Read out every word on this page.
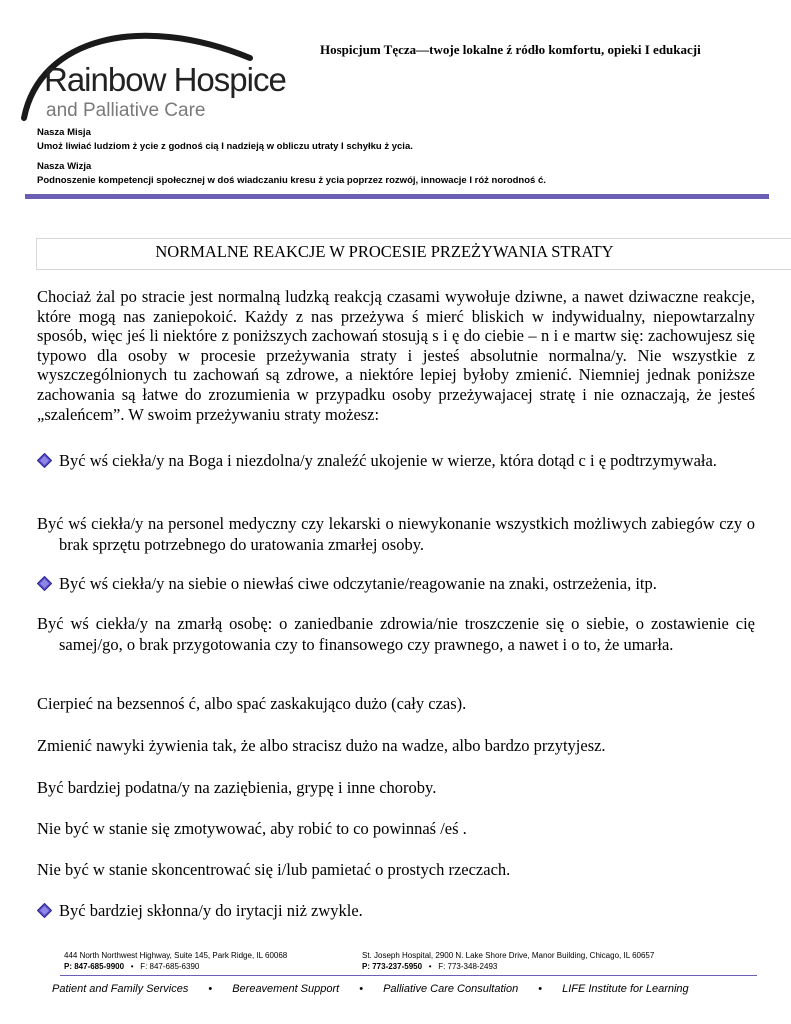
Rainbow Hospice
and Palliative Care
Hospicjum Tęcza—twoje lokalne ź ródło komfortu, opieki I edukacji
Nasza Misja
Umoż liwiać ludziom ż ycie z godnoś cią I nadzieją w obliczu utraty I schyłku ż ycia.
Nasza Wizja
Podnoszenie kompetencji społecznej w doś wiadczaniu kresu ż ycia poprzez rozwój, innowacje I róż norodnoś ć.
NORMALNE REAKCJE W PROCESIE PRZEŻYWANIA STRATY
Chociaż żal po stracie jest normalną ludzką reakcją czasami wywołuje dziwne, a nawet dziwaczne reakcje, które mogą nas zaniepokoić. Każdy z nas przeżywa ś mierć bliskich w indywidualny, niepowtarzalny sposób, więc jeś li niektóre z poniższych zachowań stosują s i ę do ciebie – n i e martw się: zachowujesz się typowo dla osoby w procesie przeżywania straty i jesteś absolutnie normalna/y. Nie wszystkie z wyszczególnionych tu zachowań są zdrowe, a niektóre lepiej byłoby zmienić. Niemniej jednak poniższe zachowania są łatwe do zrozumienia w przypadku osoby przeżywajacej stratę i nie oznaczają, że jesteś „szaleńcem”. W swoim przeżywaniu straty możesz:
Być wś ciekła/y na Boga i niezdolna/y znaleźć ukojenie w wierze, która dotąd c i ę podtrzymywała.
Być wś ciekła/y na personel medyczny czy lekarski o niewykonanie wszystkich możliwych zabiegów czy o brak sprzętu potrzebnego do uratowania zmarłej osoby.
Być wś ciekła/y na siebie o niewłaś ciwe odczytanie/reagowanie na znaki, ostrzeżenia, itp.
Być wś ciekła/y na zmarłą osobę: o zaniedbanie zdrowia/nie troszczenie się o siebie, o zostawienie cię samej/go, o brak przygotowania czy to finansowego czy prawnego, a nawet i o to, że umarła.
Cierpieć na bezsennoś ć, albo spać zaskakująco dużo (cały czas).
Zmienić nawyki żywienia tak, że albo stracisz dużo na wadze, albo bardzo przytyjesz.
Być bardziej podatna/y na zaziębienia, grypę i inne choroby.
Nie być w stanie się zmotywować, aby robić to co powinnaś /eś .
Nie być w stanie skoncentrować się i/lub pamietać o prostych rzeczach.
Być bardziej skłonna/y do irytacji niż zwykle.
444 North Northwest Highway, Suite 145, Park Ridge, IL 60068
P: 847-685-9900 • F: 847-685-6390
St. Joseph Hospital, 2900 N. Lake Shore Drive, Manor Building, Chicago, IL 60657
P: 773-237-5950 • F: 773-348-2493
Patient and Family Services • Bereavement Support • Palliative Care Consultation • LIFE Institute for Learning
